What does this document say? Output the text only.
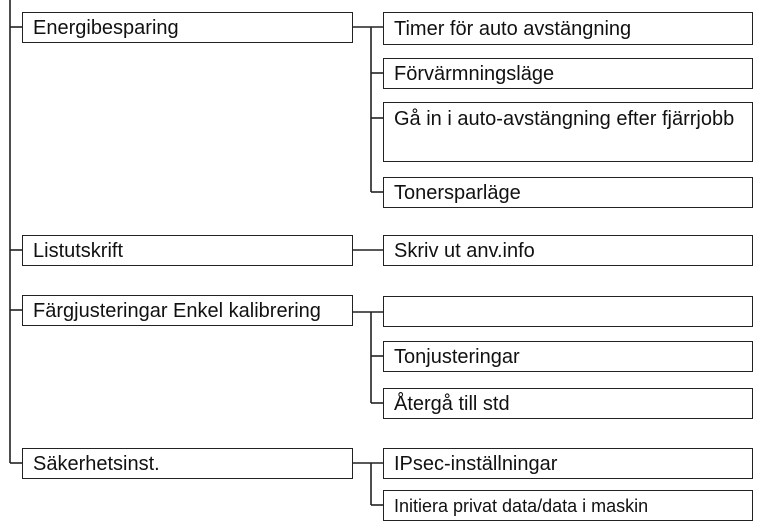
Energibesparing
Listutskrift
Färgjusteringar Enkel kalibrering
Säkerhetsinst.
Timer för auto avstängning
Förvärmningsläge
Gå in i auto-avstängning efter fjärrjobb
Tonersparläge
Skriv ut anv.info
Tonjusteringar
Återgå till std
IPsec-inställningar
Initiera privat data/data i maskin
